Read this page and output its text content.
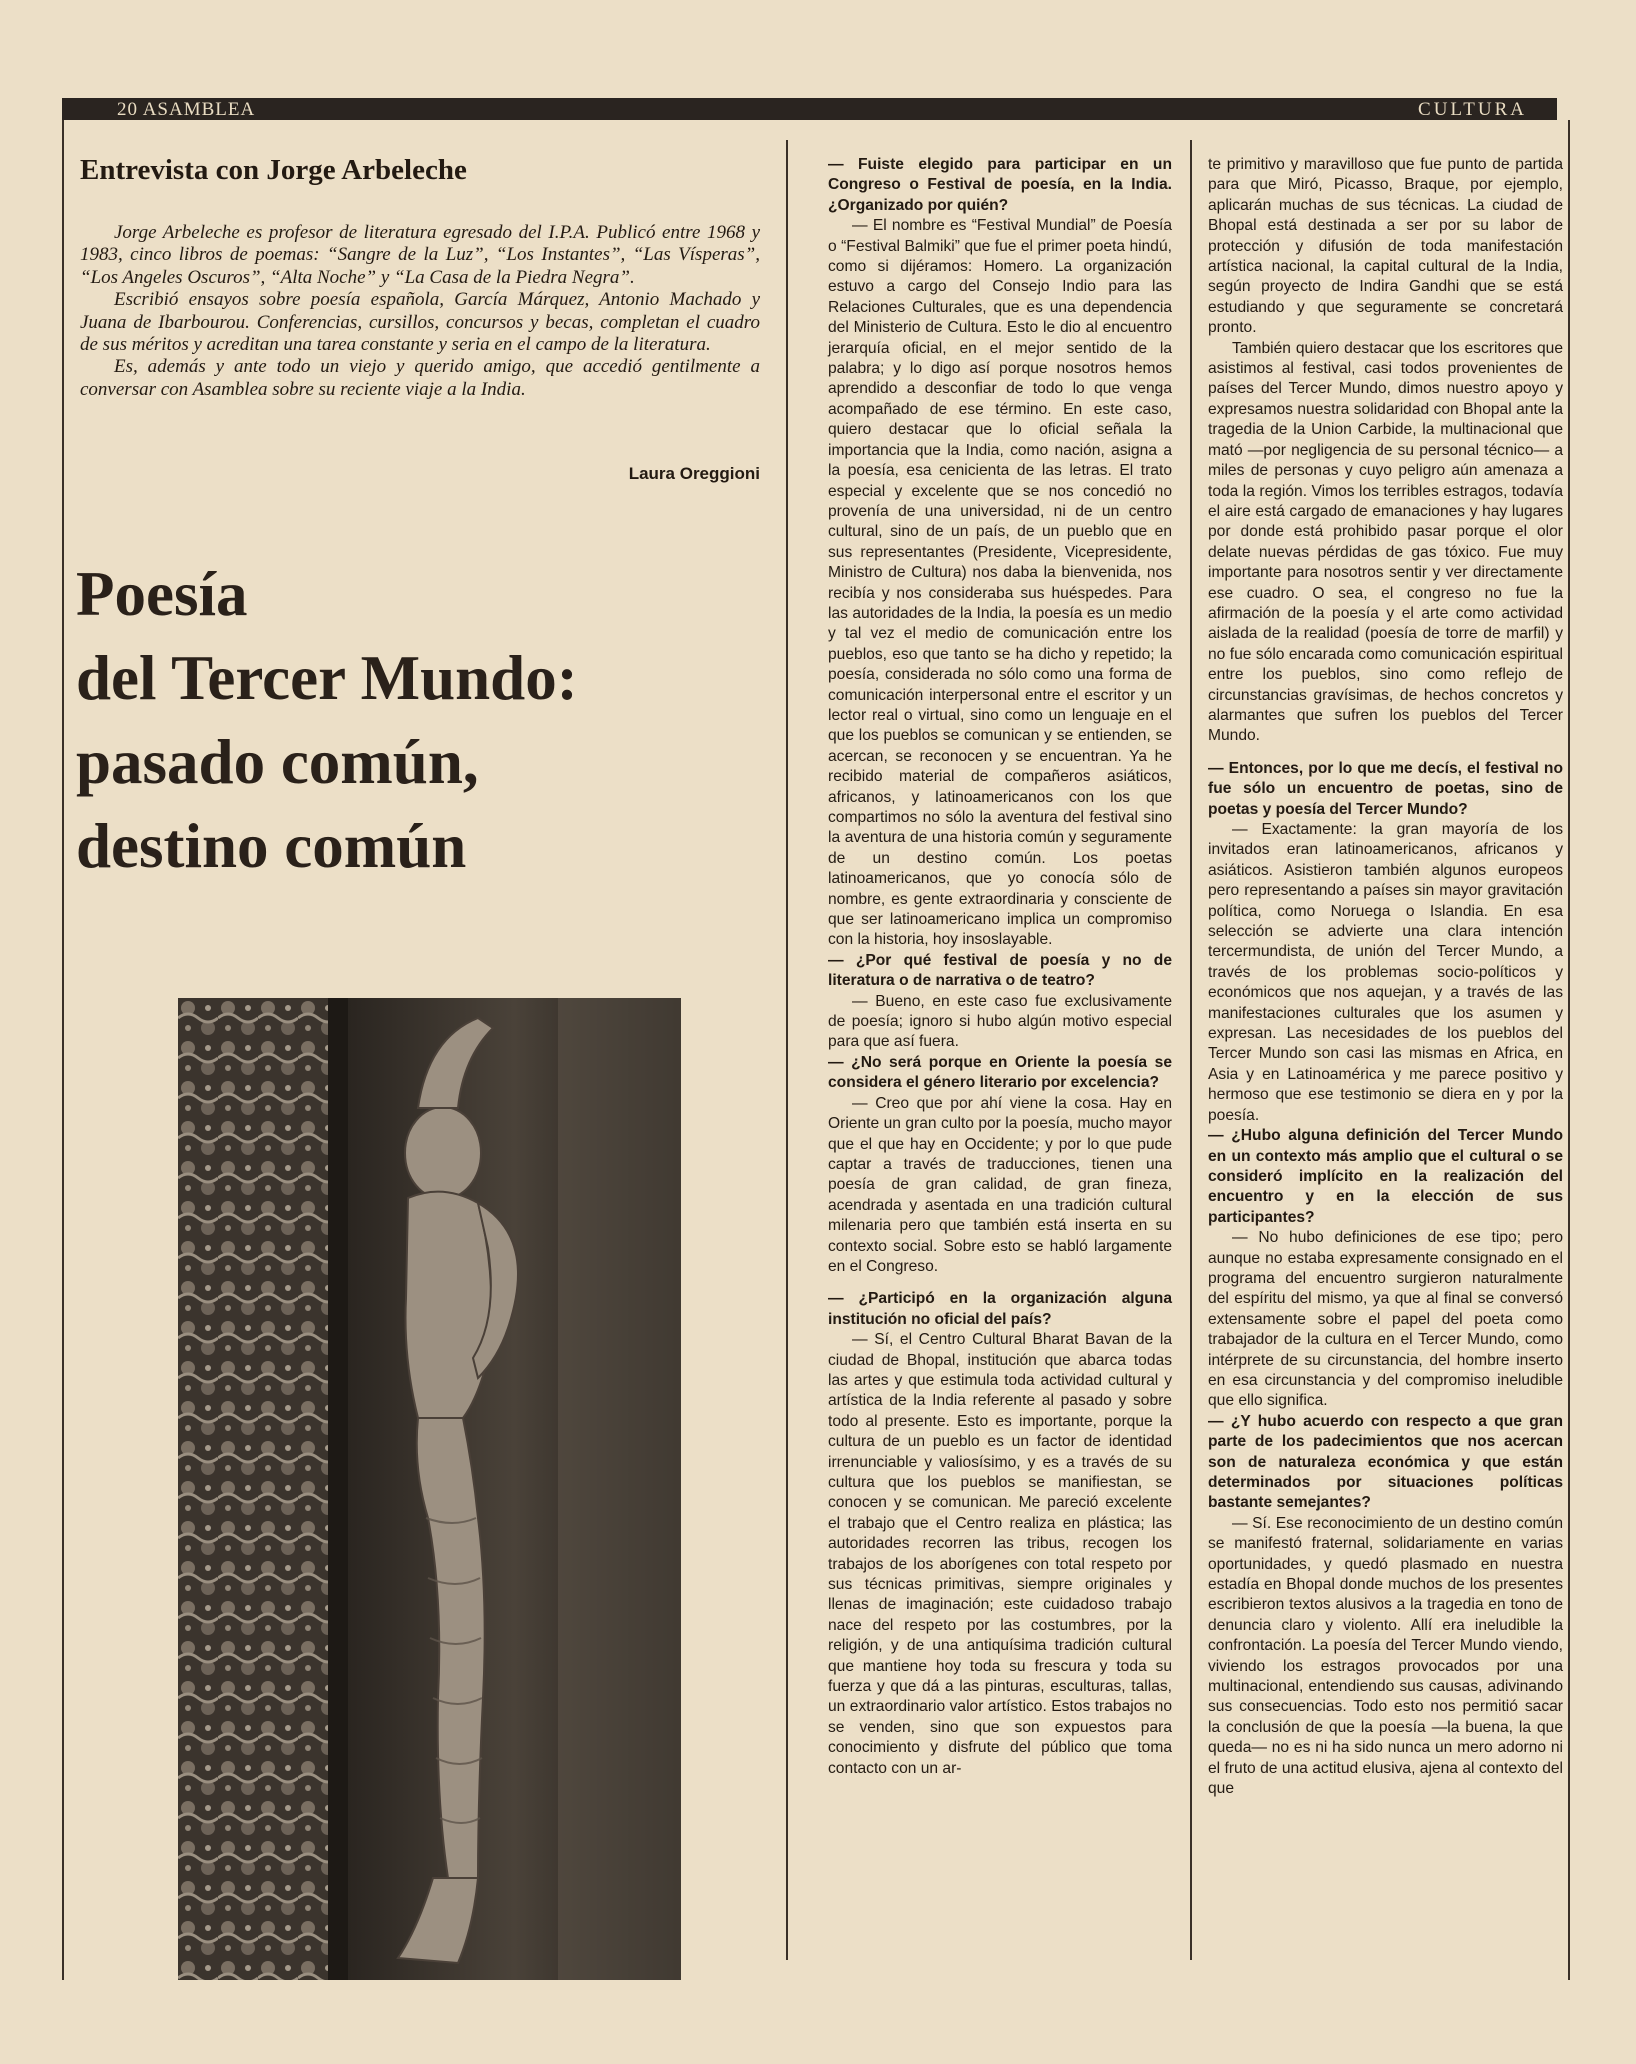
20 ASAMBLEA	CULTURA
Entrevista con Jorge Arbeleche

Jorge Arbeleche es profesor de literatura egresado del I.P.A. Publicó entre 1968 y 1983, cinco libros de poemas: “Sangre de la Luz”, “Los Instantes”, “Las Vísperas”, “Los Angeles Oscuros”, “Alta Noche” y “La Casa de la Piedra Negra”.

Escribió ensayos sobre poesía española, García Márquez, Antonio Machado y Juana de Ibarbourou. Conferencias, cursillos, concursos y becas, completan el cuadro de sus méritos y acreditan una tarea constante y seria en el campo de la literatura.

Es, además y ante todo un viejo y querido amigo, que accedió gentilmente a conversar con Asamblea sobre su reciente viaje a la India.

Laura Oreggioni
Poesía
del Tercer Mundo:
pasado común,
destino común

— Fuiste elegido para participar en un Congreso o Festival de poesía, en la India. ¿Organizado por quién?

— El nombre es “Festival Mundial” de Poesía o “Festival Balmiki” que fue el primer poeta hindú, como si dijéramos: Homero. La organización estuvo a cargo del Consejo Indio para las Relaciones Culturales, que es una dependencia del Ministerio de Cultura. Esto le dio al encuentro jerarquía oficial, en el mejor sentido de la palabra; y lo digo así porque nosotros hemos aprendido a desconfiar de todo lo que venga acompañado de ese término. En este caso, quiero destacar que lo oficial señala la importancia que la India, como nación, asigna a la poesía, esa cenicienta de las letras. El trato especial y excelente que se nos concedió no provenía de una universidad, ni de un centro cultural, sino de un país, de un pueblo que en sus representantes (Presidente, Vicepresidente, Ministro de Cultura) nos daba la bienvenida, nos recibía y nos consideraba sus huéspedes. Para las autoridades de la India, la poesía es un medio y tal vez el medio de comunicación entre los pueblos, eso que tanto se ha dicho y repetido; la poesía, considerada no sólo como una forma de comunicación interpersonal entre el escritor y un lector real o virtual, sino como un lenguaje en el que los pueblos se comunican y se entienden, se acercan, se reconocen y se encuentran. Ya he recibido material de compañeros asiáticos, africanos, y latinoamericanos con los que compartimos no sólo la aventura del festival sino la aventura de una historia común y seguramente de un destino común. Los poetas latinoamericanos, que yo conocía sólo de nombre, es gente extraordinaria y consciente de que ser latinoamericano implica un compromiso con la historia, hoy insoslayable.

— ¿Por qué festival de poesía y no de literatura o de narrativa o de teatro?

— Bueno, en este caso fue exclusivamente de poesía; ignoro si hubo algún motivo especial para que así fuera.

— ¿No será porque en Oriente la poesía se considera el género literario por excelencia?

— Creo que por ahí viene la cosa. Hay en Oriente un gran culto por la poesía, mucho mayor que el que hay en Occidente; y por lo que pude captar a través de traducciones, tienen una poesía de gran calidad, de gran fineza, acendrada y asentada en una tradición cultural milenaria pero que también está inserta en su contexto social. Sobre esto se habló largamente en el Congreso.

— ¿Participó en la organización alguna institución no oficial del país?

— Sí, el Centro Cultural Bharat Bavan de la ciudad de Bhopal, institución que abarca todas las artes y que estimula toda actividad cultural y artística de la India referente al pasado y sobre todo al presente. Esto es importante, porque la cultura de un pueblo es un factor de identidad irrenunciable y valiosísimo, y es a través de su cultura que los pueblos se manifiestan, se conocen y se comunican. Me pareció excelente el trabajo que el Centro realiza en plástica; las autoridades recorren las tribus, recogen los trabajos de los aborígenes con total respeto por sus técnicas primitivas, siempre originales y llenas de imaginación; este cuidadoso trabajo nace del respeto por las costumbres, por la religión, y de una antiquísima tradición cultural que mantiene hoy toda su frescura y toda su fuerza y que dá a las pinturas, esculturas, tallas, un extraordinario valor artístico. Estos trabajos no se venden, sino que son expuestos para conocimiento y disfrute del público que toma contacto con un ar-

te primitivo y maravilloso que fue punto de partida para que Miró, Picasso, Braque, por ejemplo, aplicarán muchas de sus técnicas. La ciudad de Bhopal está destinada a ser por su labor de protección y difusión de toda manifestación artística nacional, la capital cultural de la India, según proyecto de Indira Gandhi que se está estudiando y que seguramente se concretará pronto.

También quiero destacar que los escritores que asistimos al festival, casi todos provenientes de países del Tercer Mundo, dimos nuestro apoyo y expresamos nuestra solidaridad con Bhopal ante la tragedia de la Union Carbide, la multinacional que mató —por negligencia de su personal técnico— a miles de personas y cuyo peligro aún amenaza a toda la región. Vimos los terribles estragos, todavía el aire está cargado de emanaciones y hay lugares por donde está prohibido pasar porque el olor delate nuevas pérdidas de gas tóxico. Fue muy importante para nosotros sentir y ver directamente ese cuadro. O sea, el congreso no fue la afirmación de la poesía y el arte como actividad aislada de la realidad (poesía de torre de marfil) y no fue sólo encarada como comunicación espiritual entre los pueblos, sino como reflejo de circunstancias gravísimas, de hechos concretos y alarmantes que sufren los pueblos del Tercer Mundo.

— Entonces, por lo que me decís, el festival no fue sólo un encuentro de poetas, sino de poetas y poesía del Tercer Mundo?

— Exactamente: la gran mayoría de los invitados eran latinoamericanos, africanos y asiáticos. Asistieron también algunos europeos pero representando a países sin mayor gravitación política, como Noruega o Islandia. En esa selección se advierte una clara intención tercermundista, de unión del Tercer Mundo, a través de los problemas socio-políticos y económicos que nos aquejan, y a través de las manifestaciones culturales que los asumen y expresan. Las necesidades de los pueblos del Tercer Mundo son casi las mismas en Africa, en Asia y en Latinoamérica y me parece positivo y hermoso que ese testimonio se diera en y por la poesía.

— ¿Hubo alguna definición del Tercer Mundo en un contexto más amplio que el cultural o se consideró implícito en la realización del encuentro y en la elección de sus participantes?

— No hubo definiciones de ese tipo; pero aunque no estaba expresamente consignado en el programa del encuentro surgieron naturalmente del espíritu del mismo, ya que al final se conversó extensamente sobre el papel del poeta como trabajador de la cultura en el Tercer Mundo, como intérprete de su circunstancia, del hombre inserto en esa circunstancia y del compromiso ineludible que ello significa.

— ¿Y hubo acuerdo con respecto a que gran parte de los padecimientos que nos acercan son de naturaleza económica y que están determinados por situaciones políticas bastante semejantes?

— Sí. Ese reconocimiento de un destino común se manifestó fraternal, solidariamente en varias oportunidades, y quedó plasmado en nuestra estadía en Bhopal donde muchos de los presentes escribieron textos alusivos a la tragedia en tono de denuncia claro y violento. Allí era ineludible la confrontación. La poesía del Tercer Mundo viendo, viviendo los estragos provocados por una multinacional, entendiendo sus causas, adivinando sus consecuencias. Todo esto nos permitió sacar la conclusión de que la poesía —la buena, la que queda— no es ni ha sido nunca un mero adorno ni el fruto de una actitud elusiva, ajena al contexto del que
